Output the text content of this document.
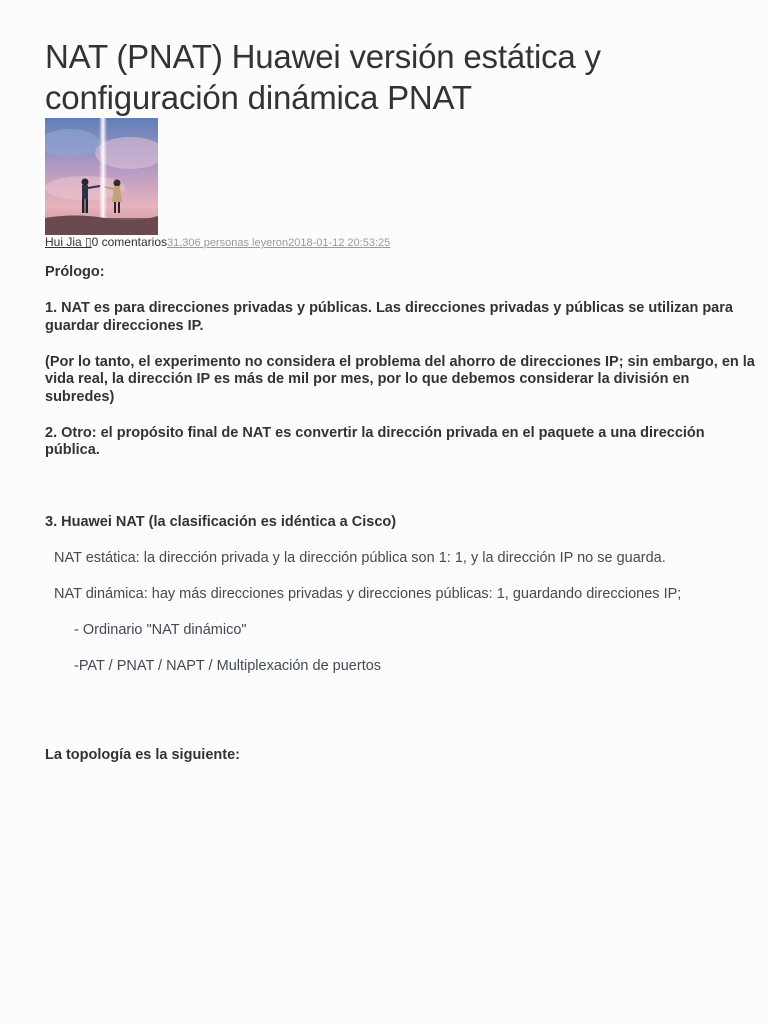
NAT (PNAT) Huawei versión estática y configuración dinámica PNAT
Hui Jia ▯0 comentarios31,306 personas leyeron2018-01-12 20:53:25

Prólogo:

1. NAT es para direcciones privadas y públicas. Las direcciones privadas y públicas se utilizan para guardar direcciones IP.

(Por lo tanto, el experimento no considera el problema del ahorro de direcciones IP; sin embargo, en la vida real, la dirección IP es más de mil por mes, por lo que debemos considerar la división en subredes)

2. Otro: el propósito final de NAT es convertir la dirección privada en el paquete a una dirección pública.

3. Huawei NAT (la clasificación es idéntica a Cisco)

NAT estática: la dirección privada y la dirección pública son 1: 1, y la dirección IP no se guarda.

NAT dinámica: hay más direcciones privadas y direcciones públicas: 1, guardando direcciones IP;

- Ordinario "NAT dinámico"

-PAT / PNAT / NAPT / Multiplexación de puertos

La topología es la siguiente:
